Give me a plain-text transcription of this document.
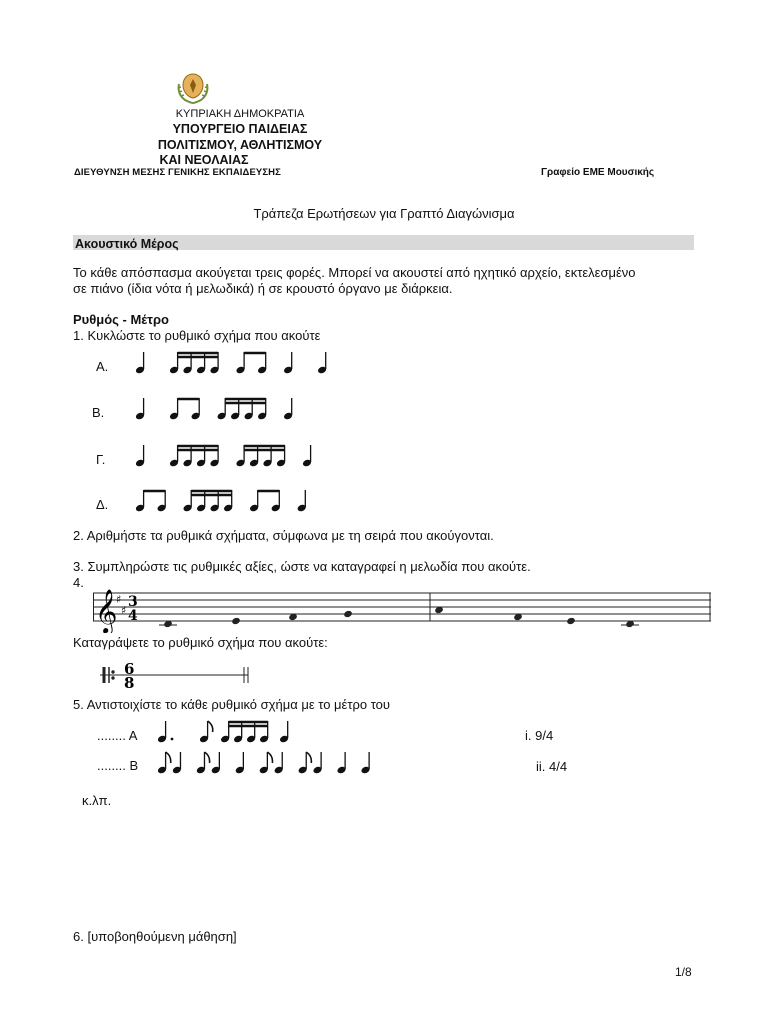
ΚΥΠΡΙΑΚΗ ΔΗΜΟΚΡΑΤΙΑ
ΥΠΟΥΡΓΕΙΟ ΠΑΙΔΕΙΑΣ
ΠΟΛΙΤΙΣΜΟΥ, ΑΘΛΗΤΙΣΜΟΥ
ΚΑΙ ΝΕΟΛΑΙΑΣ
ΔΙΕΥΘΥΝΣΗ ΜΕΣΗΣ ΓΕΝΙΚΗΣ ΕΚΠΑΙΔΕΥΣΗΣ	Γραφείο ΕΜΕ Μουσικής
Τράπεζα Ερωτήσεων για Γραπτό Διαγώνισμα
Ακουστικό Μέρος
Το κάθε απόσπασμα ακούγεται τρεις φορές. Μπορεί να ακουστεί από ηχητικό αρχείο, εκτελεσμένο
σε πιάνο (ίδια νότα ή μελωδικά) ή σε κρουστό όργανο με διάρκεια.
Ρυθμός - Μέτρο
1. Κυκλώστε το ρυθμικό σχήμα που ακούτε
Α.
Β.
Γ.
Δ.
2. Αριθμήστε τα ρυθμικά σχήματα, σύμφωνα με τη σειρά που ακούγονται.
3. Συμπληρώστε τις ρυθμικές αξίες, ώστε να καταγραφεί η μελωδία που ακούτε.
4.
𝄞
♯
♯
3
4
Καταγράψετε το ρυθμικό σχήμα που ακούτε:
6
8
5. Αντιστοιχίστε το κάθε ρυθμικό σχήμα με το μέτρο του
........ Α	i. 9/4
........ Β	ii. 4/4
κ.λπ.
6. [υποβοηθούμενη μάθηση]
1/8
